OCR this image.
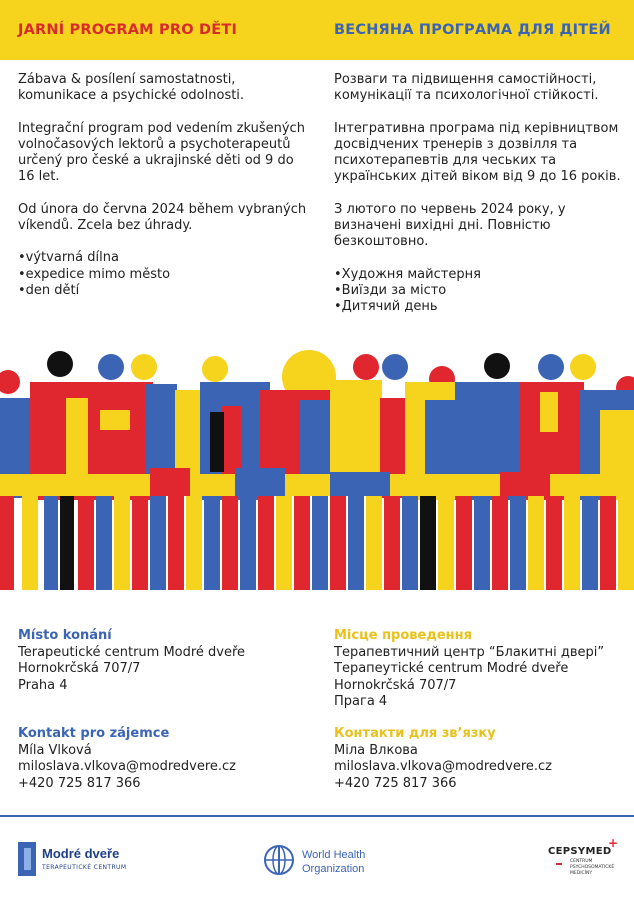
JARNÍ PROGRAM PRO DĚTI	ВЕСНЯНА ПРОГРАМА ДЛЯ ДІТЕЙ
Zábava & posílení samostatnosti, komunikace a psychické odolnosti.
Integrační program pod vedením zkušených volnočasových lektorů a psychoterapeutů určený pro české a ukrajinské děti od 9 do 16 let.
Od února do června 2024 během vybraných víkendů. Zcela bez úhrady.
• výtvarná dílna
• expedice mimo město
• den dětí
Розваги та підвищення самостійності, комунікації та психологічної стійкості.
Інтегративна програма під керівництвом досвідчених тренерів з дозвілля та психотерапевтів для чеських та українських дітей віком від 9 до 16 років.
З лютого по червень 2024 року, у визначені вихідні дні. Повністю безкоштовно.
• Художня майстерня
• Виїзди за місто
• Дитячий день
Místo konání
Terapeutické centrum Modré dveře
Hornokrčská 707/7
Praha 4
Місце проведення
Терапевтичний центр “Блакитні двері”
Терапеутické centrum Modré dveře
Hornokrčská 707/7
Прага 4
Kontakt pro zájemce
Míla Vlková
miloslava.vlkova@modredvere.cz
+420 725 817 366
Контакти для зв’язку
Міла Влкова
miloslava.vlkova@modredvere.cz
+420 725 817 366
Modré dveře
TERAPEUTICKÉ CENTRUM
World Health
Organization
+
CEPSYMED
CENTRUM
PSYCHOSOMATICKÉ
MEDICÍNY
